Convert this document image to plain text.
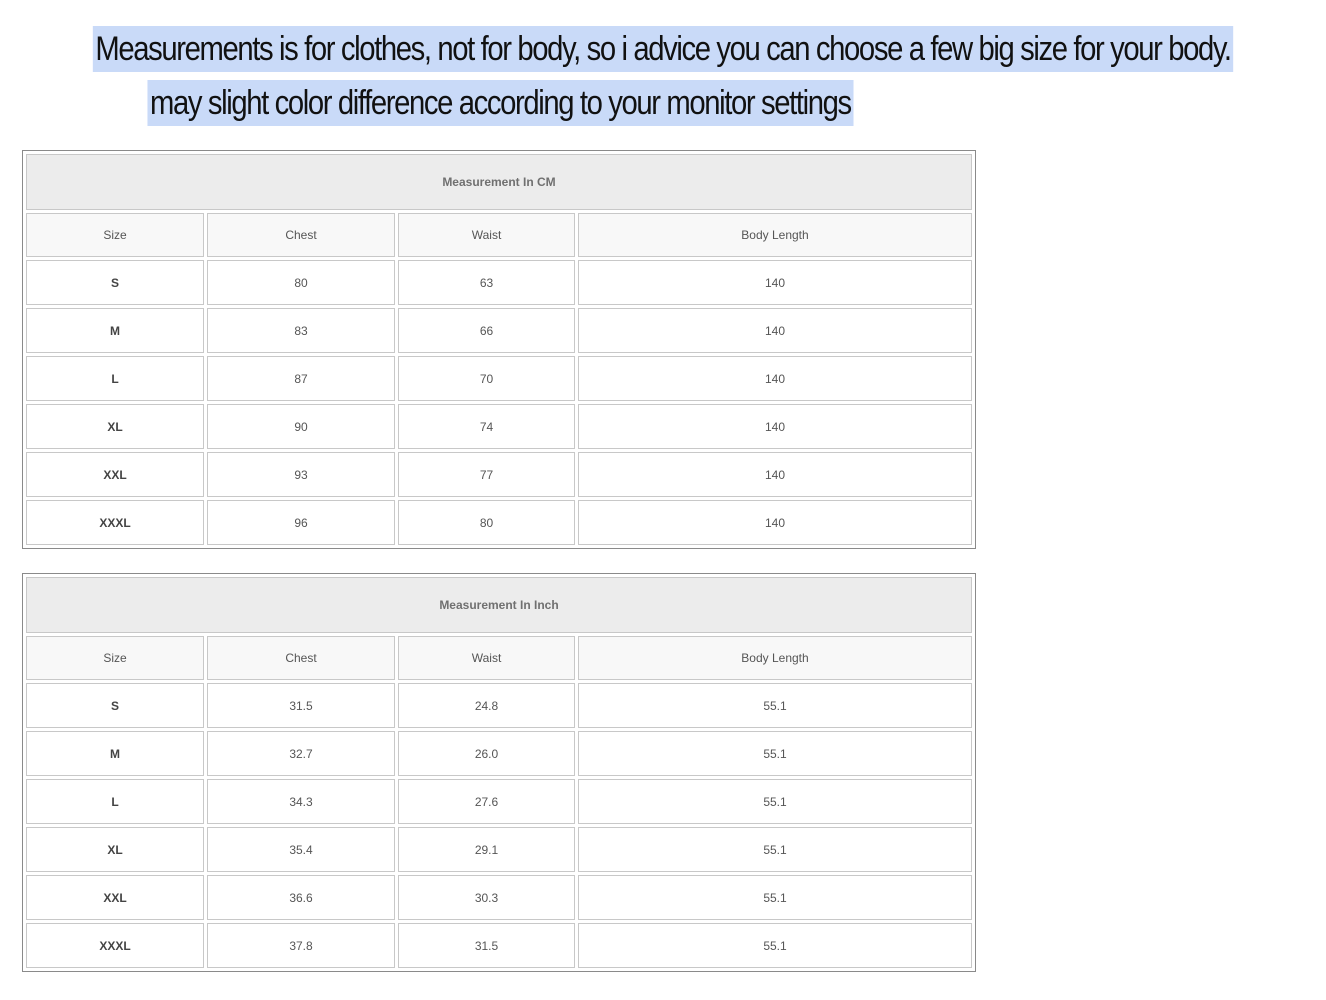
Measurements is for clothes, not for body, so i advice you can choose a few big size for your body.
may slight color difference according to your monitor settings
Measurement In CM			
Size	Chest	Waist	Body Length
S	80	63	140
M	83	66	140
L	87	70	140
XL	90	74	140
XXL	93	77	140
XXXL	96	80	140
Measurement In Inch			
Size	Chest	Waist	Body Length
S	31.5	24.8	55.1
M	32.7	26.0	55.1
L	34.3	27.6	55.1
XL	35.4	29.1	55.1
XXL	36.6	30.3	55.1
XXXL	37.8	31.5	55.1
